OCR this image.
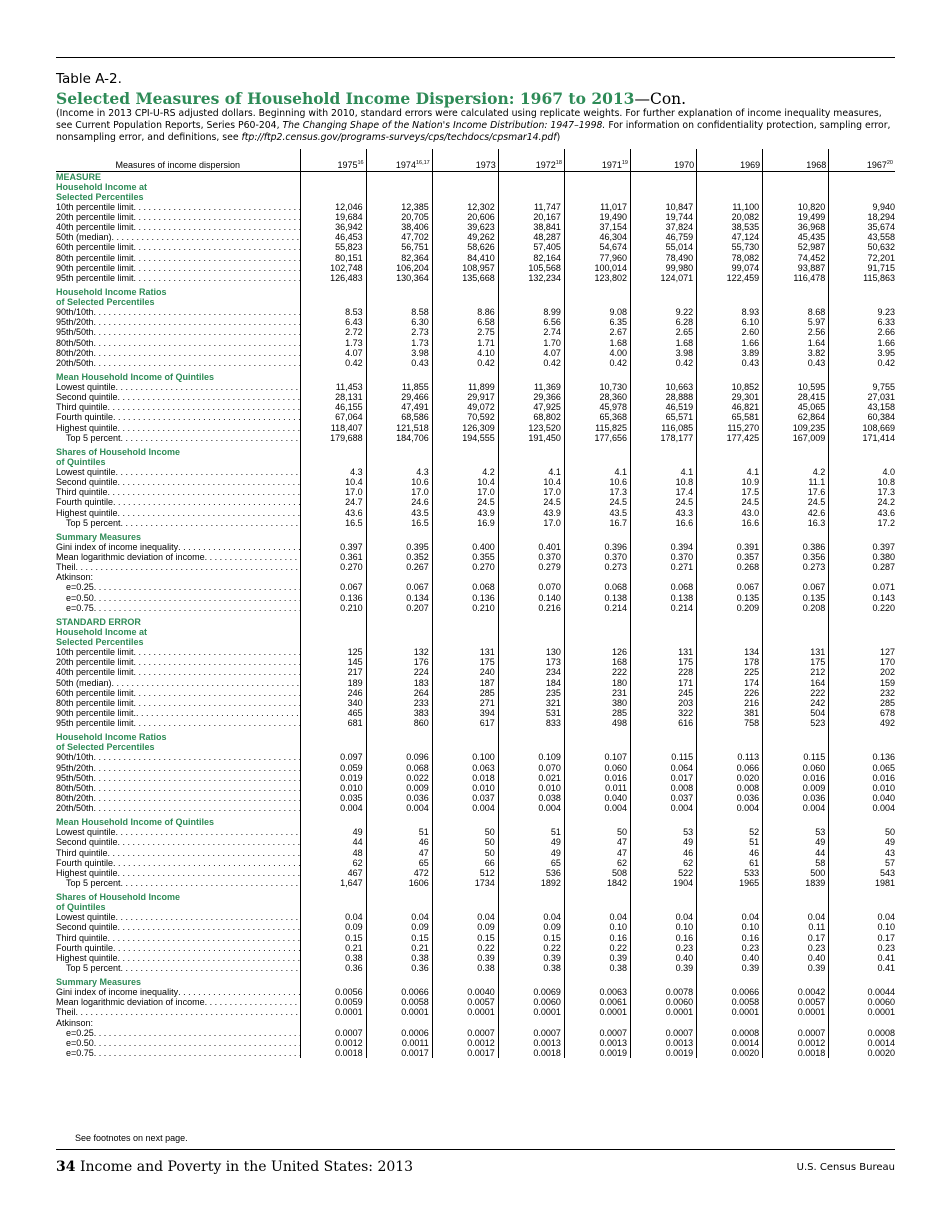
Table A-2.
Selected Measures of Household Income Dispersion: 1967 to 2013—Con.
(Income in 2013 CPI-U-RS adjusted dollars. Beginning with 2010, standard errors were calculated using replicate weights. For further explanation of income inequality measures, see Current Population Reports, Series P60-204, The Changing Shape of the Nation's Income Distribution: 1947–1998. For information on confidentiality protection, sampling error, nonsampling error, and definitions, see ftp://ftp2.census.gov/programs-surveys/cps/techdocs/cpsmar14.pdf)
Measures of income dispersion	1975$^{16}$	1974$^{16,17}$	1973	1972$^{18}$	1971$^{19}$	1970	1969	1968	1967$^{20}$
MEASURE									
Household Income at									
Selected Percentiles									

10th percentile limit
. . .	12,046	12,385	12,302	11,747	11,017	10,847	11,100	10,820	9,940

20th percentile limit
. . .	19,684	20,705	20,606	20,167	19,490	19,744	20,082	19,499	18,294

40th percentile limit
. . .	36,942	38,406	39,623	38,841	37,154	37,824	38,535	36,968	35,674

50th (median)
. . .	46,453	47,702	49,262	48,287	46,304	46,759	47,124	45,435	43,558

60th percentile limit
. . .	55,823	56,751	58,626	57,405	54,674	55,014	55,730	52,987	50,632

80th percentile limit
. . .	80,151	82,364	84,410	82,164	77,960	78,490	78,082	74,452	72,201

90th percentile limit
. . .	102,748	106,204	108,957	105,568	100,014	99,980	99,074	93,887	91,715

95th percentile limit
. . .	126,483	130,364	135,668	132,234	123,802	124,071	122,459	116,478	115,863

Household Income Ratios									
of Selected Percentiles									

90th/10th
. . .	8.53	8.58	8.86	8.99	9.08	9.22	8.93	8.68	9.23

95th/20th
. . .	6.43	6.30	6.58	6.56	6.35	6.28	6.10	5.97	6.33

95th/50th
. . .	2.72	2.73	2.75	2.74	2.67	2.65	2.60	2.56	2.66

80th/50th
. . .	1.73	1.73	1.71	1.70	1.68	1.68	1.66	1.64	1.66

80th/20th
. . .	4.07	3.98	4.10	4.07	4.00	3.98	3.89	3.82	3.95

20th/50th
. . .	0.42	0.43	0.42	0.42	0.42	0.42	0.43	0.43	0.42

Mean Household Income of Quintiles									

Lowest quintile
. . .	11,453	11,855	11,899	11,369	10,730	10,663	10,852	10,595	9,755

Second quintile
. . .	28,131	29,466	29,917	29,366	28,360	28,888	29,301	28,415	27,031

Third quintile
. . .	46,155	47,491	49,072	47,925	45,978	46,519	46,821	45,065	43,158

Fourth quintile
. . .	67,064	68,586	70,592	68,802	65,368	65,571	65,581	62,864	60,384

Highest quintile
. . .	118,407	121,518	126,309	123,520	115,825	116,085	115,270	109,235	108,669

Top 5 percent
. . .	179,688	184,706	194,555	191,450	177,656	178,177	177,425	167,009	171,414

Shares of Household Income									
of Quintiles									

Lowest quintile
. . .	4.3	4.3	4.2	4.1	4.1	4.1	4.1	4.2	4.0

Second quintile
. . .	10.4	10.6	10.4	10.4	10.6	10.8	10.9	11.1	10.8

Third quintile
. . .	17.0	17.0	17.0	17.0	17.3	17.4	17.5	17.6	17.3

Fourth quintile
. . .	24.7	24.6	24.5	24.5	24.5	24.5	24.5	24.5	24.2

Highest quintile
. . .	43.6	43.5	43.9	43.9	43.5	43.3	43.0	42.6	43.6

Top 5 percent
. . .	16.5	16.5	16.9	17.0	16.7	16.6	16.6	16.3	17.2

Summary Measures									

Gini index of income inequality
. . .	0.397	0.395	0.400	0.401	0.396	0.394	0.391	0.386	0.397

Mean logarithmic deviation of income
. . .	0.361	0.352	0.355	0.370	0.370	0.370	0.357	0.356	0.380

Theil
. . .	0.270	0.267	0.270	0.279	0.273	0.271	0.268	0.273	0.287
Atkinson:									

e=0.25
. . .	0.067	0.067	0.068	0.070	0.068	0.068	0.067	0.067	0.071

e=0.50
. . .	0.136	0.134	0.136	0.140	0.138	0.138	0.135	0.135	0.143

e=0.75
. . .	0.210	0.207	0.210	0.216	0.214	0.214	0.209	0.208	0.220

STANDARD ERROR									
Household Income at									
Selected Percentiles									

10th percentile limit
. . .	125	132	131	130	126	131	134	131	127

20th percentile limit
. . .	145	176	175	173	168	175	178	175	170

40th percentile limit
. . .	217	224	240	234	222	228	225	212	202

50th (median)
. . .	189	183	187	184	180	171	174	164	159

60th percentile limit
. . .	246	264	285	235	231	245	226	222	232

80th percentile limit
. . .	340	233	271	321	380	203	216	242	285

90th percentile limit.
. . .	465	383	394	531	285	322	381	504	678

95th percentile limit
. . .	681	860	617	833	498	616	758	523	492

Household Income Ratios									
of Selected Percentiles									

90th/10th
. . .	0.097	0.096	0.100	0.109	0.107	0.115	0.113	0.115	0.136

95th/20th
. . .	0.059	0.068	0.063	0.070	0.060	0.064	0.066	0.060	0.065

95th/50th
. . .	0.019	0.022	0.018	0.021	0.016	0.017	0.020	0.016	0.016

80th/50th
. . .	0.010	0.009	0.010	0.010	0.011	0.008	0.008	0.009	0.010

80th/20th
. . .	0.035	0.036	0.037	0.038	0.040	0.037	0.036	0.036	0.040

20th/50th
. . .	0.004	0.004	0.004	0.004	0.004	0.004	0.004	0.004	0.004

Mean Household Income of Quintiles									

Lowest quintile
. . .	49	51	50	51	50	53	52	53	50

Second quintile
. . .	44	46	50	49	47	49	51	49	49

Third quintile
. . .	48	47	50	49	47	46	46	44	43

Fourth quintile
. . .	62	65	66	65	62	62	61	58	57

Highest quintile
. . .	467	472	512	536	508	522	533	500	543

Top 5 percent
. . .	1,647	1606	1734	1892	1842	1904	1965	1839	1981

Shares of Household Income									
of Quintiles									

Lowest quintile
. . .	0.04	0.04	0.04	0.04	0.04	0.04	0.04	0.04	0.04

Second quintile
. . .	0.09	0.09	0.09	0.09	0.10	0.10	0.10	0.11	0.10

Third quintile
. . .	0.15	0.15	0.15	0.15	0.16	0.16	0.16	0.17	0.17

Fourth quintile
. . .	0.21	0.21	0.22	0.22	0.22	0.23	0.23	0.23	0.23

Highest quintile
. . .	0.38	0.38	0.39	0.39	0.39	0.40	0.40	0.40	0.41

Top 5 percent
. . .	0.36	0.36	0.38	0.38	0.38	0.39	0.39	0.39	0.41

Summary Measures									

Gini index of income inequality
. . .	0.0056	0.0066	0.0040	0.0069	0.0063	0.0078	0.0066	0.0042	0.0044

Mean logarithmic deviation of income
. . .	0.0059	0.0058	0.0057	0.0060	0.0061	0.0060	0.0058	0.0057	0.0060

Theil
. . .	0.0001	0.0001	0.0001	0.0001	0.0001	0.0001	0.0001	0.0001	0.0001
Atkinson:									

e=0.25
. . .	0.0007	0.0006	0.0007	0.0007	0.0007	0.0007	0.0008	0.0007	0.0008

e=0.50
. . .	0.0012	0.0011	0.0012	0.0013	0.0013	0.0013	0.0014	0.0012	0.0014

e=0.75
. . .	0.0018	0.0017	0.0017	0.0018	0.0019	0.0019	0.0020	0.0018	0.0020
See footnotes on next page.
34 Income and Poverty in the United States: 2013	U.S. Census Bureau
